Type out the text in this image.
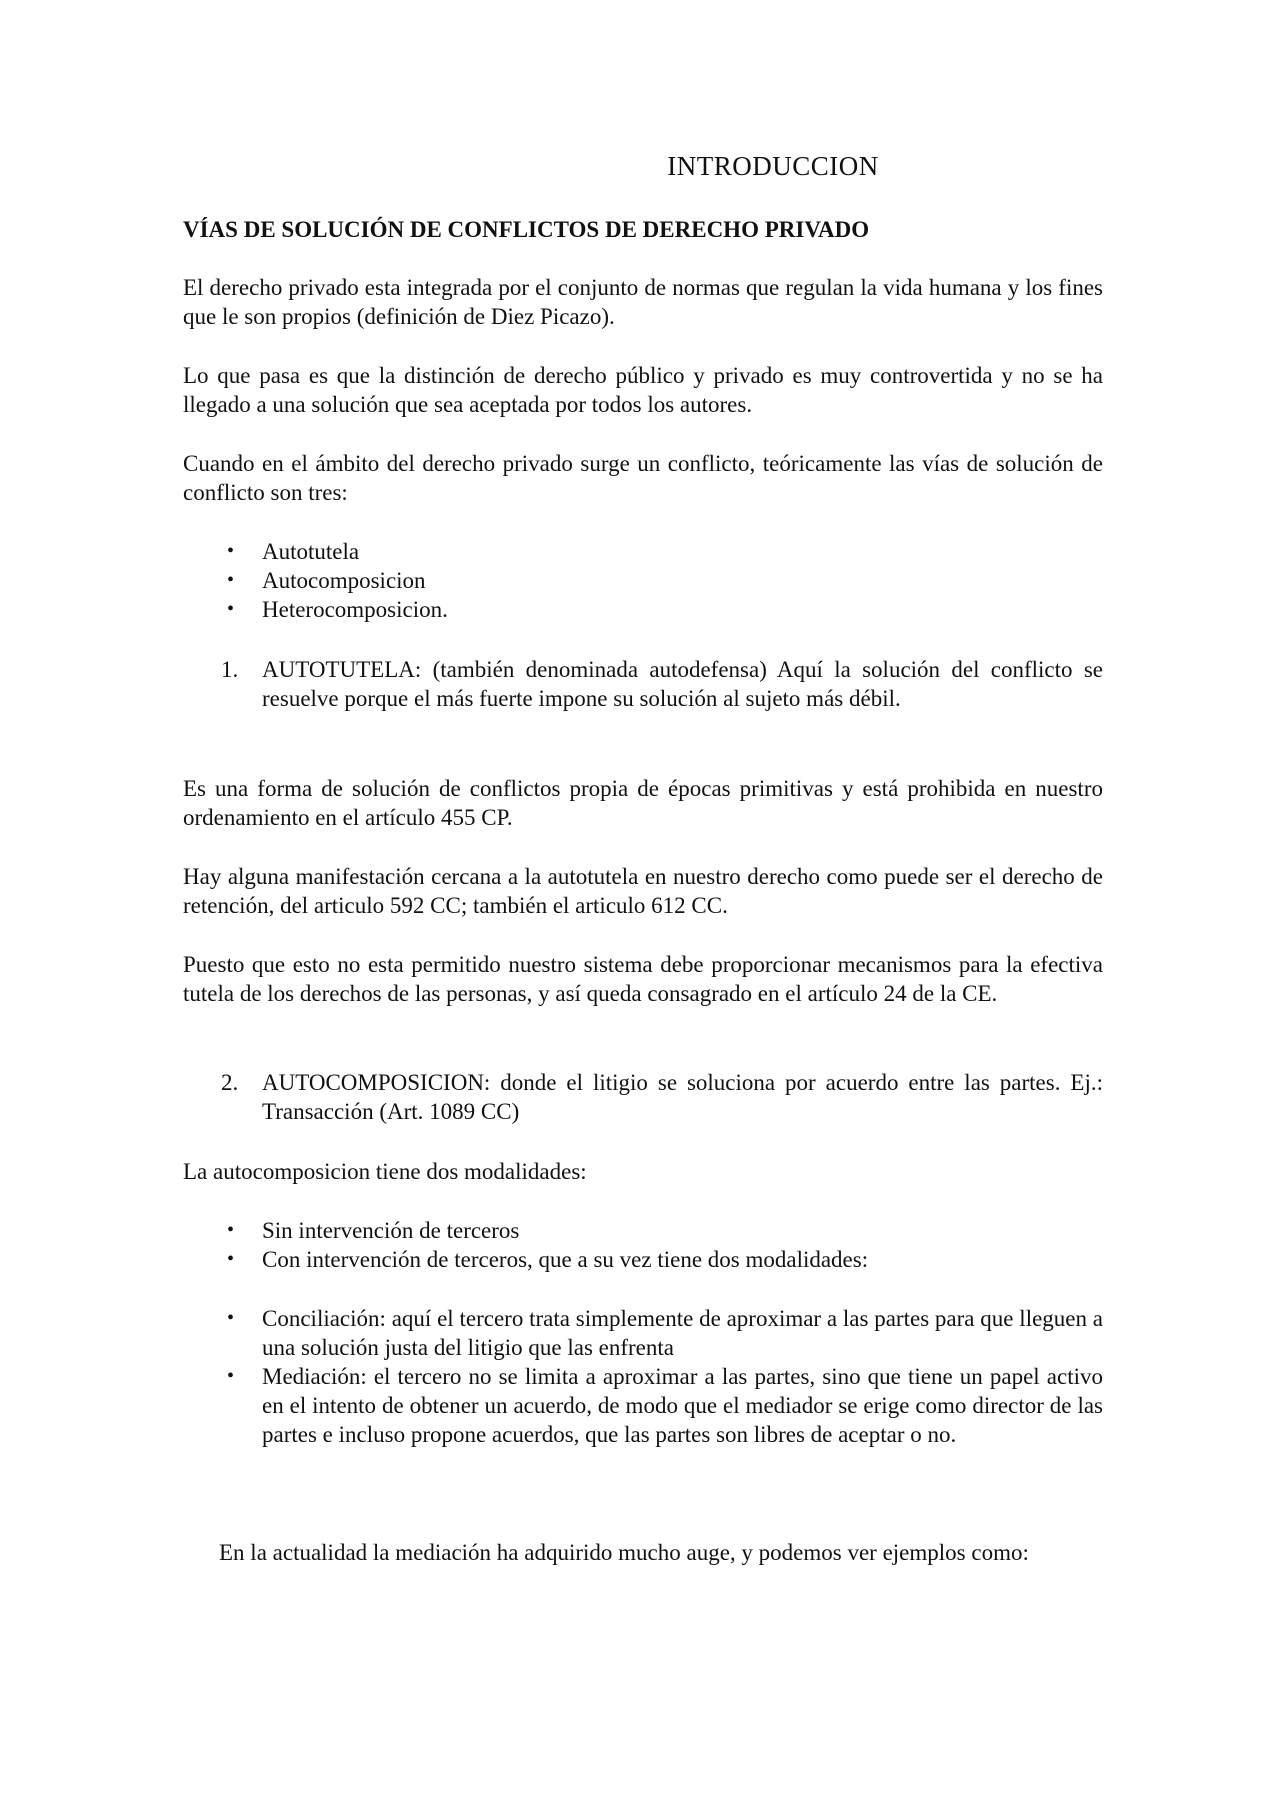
INTRODUCCION
VÍAS DE SOLUCIÓN DE CONFLICTOS DE DERECHO PRIVADO

El derecho privado esta integrada por el conjunto de normas que regulan la vida humana y los fines que le son propios (definición de Diez Picazo).

Lo que pasa es que la distinción de derecho público y privado es muy controvertida y no se ha llegado a una solución que sea aceptada por todos los autores.

Cuando en el ámbito del derecho privado surge un conflicto, teóricamente las vías de solución de conflicto son tres:

• Autotutela
• Autocomposicion
• Heterocomposicion.
1. AUTOTUTELA: (también denominada autodefensa) Aquí la solución del conflicto se resuelve porque el más fuerte impone su solución al sujeto más débil.

Es una forma de solución de conflictos propia de épocas primitivas y está prohibida en nuestro ordenamiento en el artículo 455 CP.

Hay alguna manifestación cercana a la autotutela en nuestro derecho como puede ser el derecho de retención, del articulo 592 CC; también el articulo 612 CC.

Puesto que esto no esta permitido nuestro sistema debe proporcionar mecanismos para la efectiva tutela de los derechos de las personas, y así queda consagrado en el artículo 24 de la CE.

2. AUTOCOMPOSICION: donde el litigio se soluciona por acuerdo entre las partes. Ej.: Transacción (Art. 1089 CC)

La autocomposicion tiene dos modalidades:

• Sin intervención de terceros
• Con intervención de terceros, que a su vez tiene dos modalidades:
• Conciliación: aquí el tercero trata simplemente de aproximar a las partes para que lleguen a una solución justa del litigio que las enfrenta
• Mediación: el tercero no se limita a aproximar a las partes, sino que tiene un papel activo en el intento de obtener un acuerdo, de modo que el mediador se erige como director de las partes e incluso propone acuerdos, que las partes son libres de aceptar o no.
En la actualidad la mediación ha adquirido mucho auge, y podemos ver ejemplos como:
